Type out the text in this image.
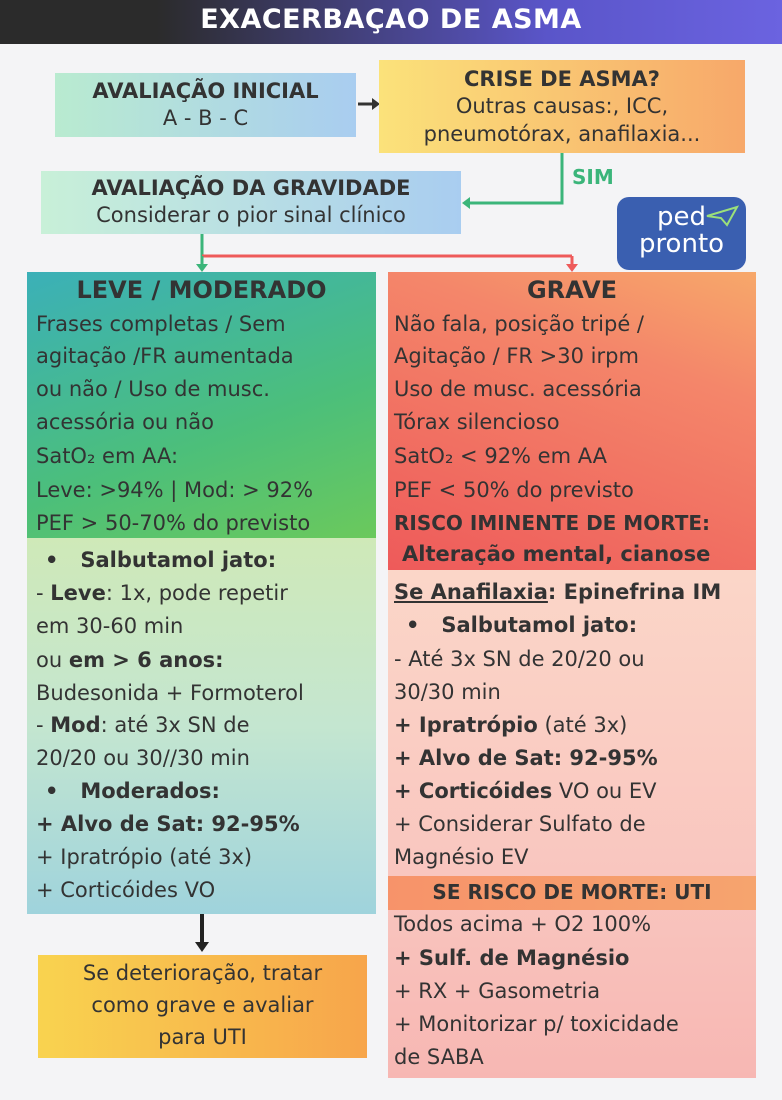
EXACERBAÇAO DE ASMA
AVALIAÇÃO INICIAL
A - B - C
CRISE DE ASMA?
Outras causas:, ICC,
pneumotórax, anafilaxia...
SIM
AVALIAÇÃO DA GRAVIDADE
Considerar o pior sinal clínico	ped
pronto
LEVE / MODERADO
Frases completas / Sem
agitação /FR aumentada
ou não / Uso de musc.
acessória ou não
SatO₂ em AA:
Leve: >94% | Mod: > 92%
PEF > 50-70% do previsto
•   Salbutamol jato:
- Leve: 1x, pode repetir
em 30-60 min
ou em > 6 anos:
Budesonida + Formoterol
- Mod: até 3x SN de
20/20 ou 30//30 min
•   Moderados:
+ Alvo de Sat: 92-95%
+ Ipratrópio (até 3x)
+ Corticóides VO
GRAVE
Não fala, posição tripé /
Agitação / FR >30 irpm
Uso de musc. acessória
Tórax silencioso
SatO₂ < 92% em AA
PEF < 50% do previsto
RISCO IMINENTE DE MORTE:
Alteração mental, cianose
Se Anafilaxia: Epinefrina IM
•   Salbutamol jato:
- Até 3x SN de 20/20 ou
30/30 min
+ Ipratrópio (até 3x)
+ Alvo de Sat: 92-95%
+ Corticóides VO ou EV
+ Considerar Sulfato de
Magnésio EV
Todos acima + O2 100%
+ Sulf. de Magnésio
+ RX + Gasometria
+ Monitorizar p/ toxicidade
de SABA
SE RISCO DE MORTE: UTI
Se deterioração, tratar
como grave e avaliar
para UTI
